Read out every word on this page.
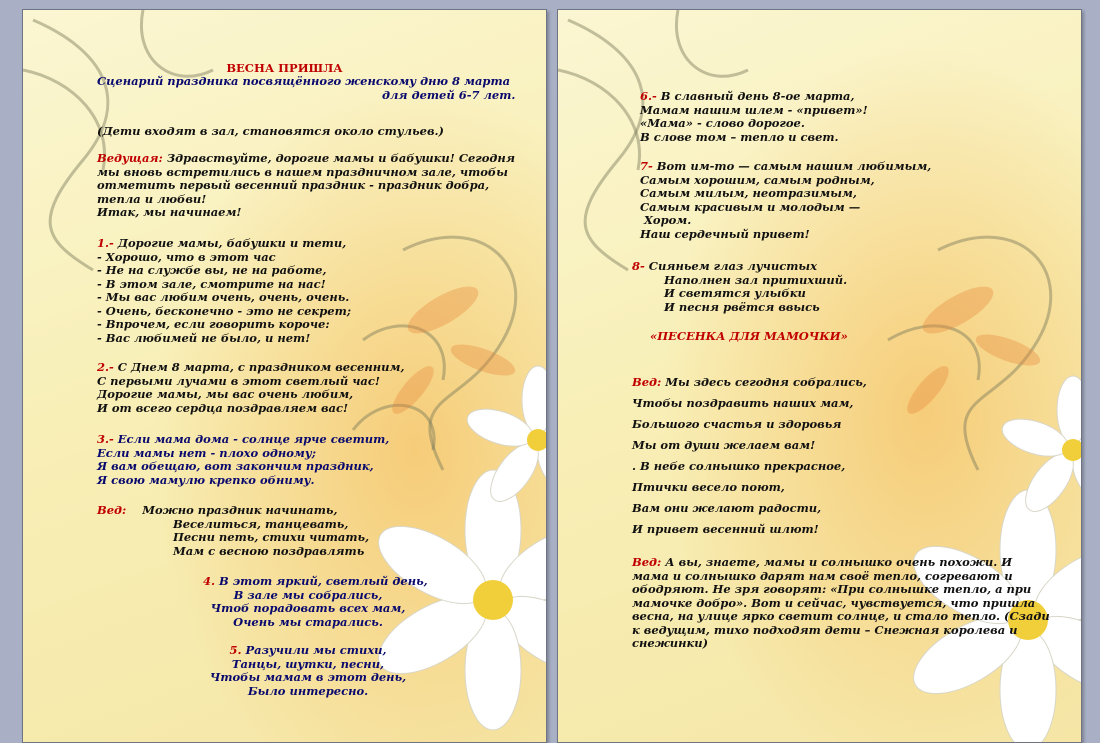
ВЕСНА ПРИШЛА
Сценарий праздника посвящённого женскому дню 8 марта
для детей 6-7 лет.
(Дети входят в зал, становятся около стульев.)
Ведущая: Здравствуйте, дорогие мамы и бабушки! Сегодня
мы вновь встретились в нашем праздничном зале, чтобы
отметить первый весенний праздник - праздник добра,
тепла и любви!
Итак, мы начинаем!
1.- Дорогие мамы, бабушки и тети,
- Хорошо, что в этот час
- Не на службе вы, не на работе,
- В этом зале, смотрите на нас!
- Мы вас любим очень, очень, очень.
- Очень, бесконечно - это не секрет;
- Впрочем, если говорить короче:
- Вас любимей не было, и нет!
2.- С Днем 8 марта, с праздником весенним,
С первыми лучами в этот светлый час!
Дорогие мамы, мы вас очень любим,
И от всего сердца поздравляем вас!
3.- Если мама дома - солнце ярче светит,
Если мамы нет - плохо одному;
Я вам обещаю, вот закончим праздник,
Я свою мамулю крепко обниму.
Вед: Можно праздник начинать,
Веселиться, танцевать,
Песни петь, стихи читать,
Мам с весною поздравлять
4. В этот яркий, светлый день,
В зале мы собрались,
Чтоб порадовать всех мам,
Очень мы старались.
5. Разучили мы стихи,
Танцы, шутки, песни,
Чтобы мамам в этот день,
Было интересно.
6.- В славный день 8-ое марта,
Мамам нашим шлем - «привет»!
«Мама» - слово дорогое.
В слове том – тепло и свет.
7- Вот им-то — самым нашим любимым,
Самым хорошим, самым родным,
Самым милым, неотразимым,
Самым красивым и молодым —
Хором.
Наш сердечный привет!
8- Сияньем глаз лучистых
Наполнен зал притихший.
И светятся улыбки
И песня рвётся ввысь
«ПЕСЕНКА ДЛЯ МАМОЧКИ»
Вед: Мы здесь сегодня собрались,
Чтобы поздравить наших мам,
Большого счастья и здоровья
Мы от души желаем вам!
. В небе солнышко прекрасное,
Птички весело поют,
Вам они желают радости,
И привет весенний шлют!
Вед: А вы, знаете, мамы и солнышко очень похожи. И
мама и солнышко дарят нам своё тепло, согревают и
ободряют. Не зря говорят: «При солнышке тепло, а при
мамочке добро». Вот и сейчас, чувствуется, что пришла
весна, на улице ярко светит солнце, и стало тепло. (Сзади
к ведущим, тихо подходят дети – Снежная королева и
снежинки)
